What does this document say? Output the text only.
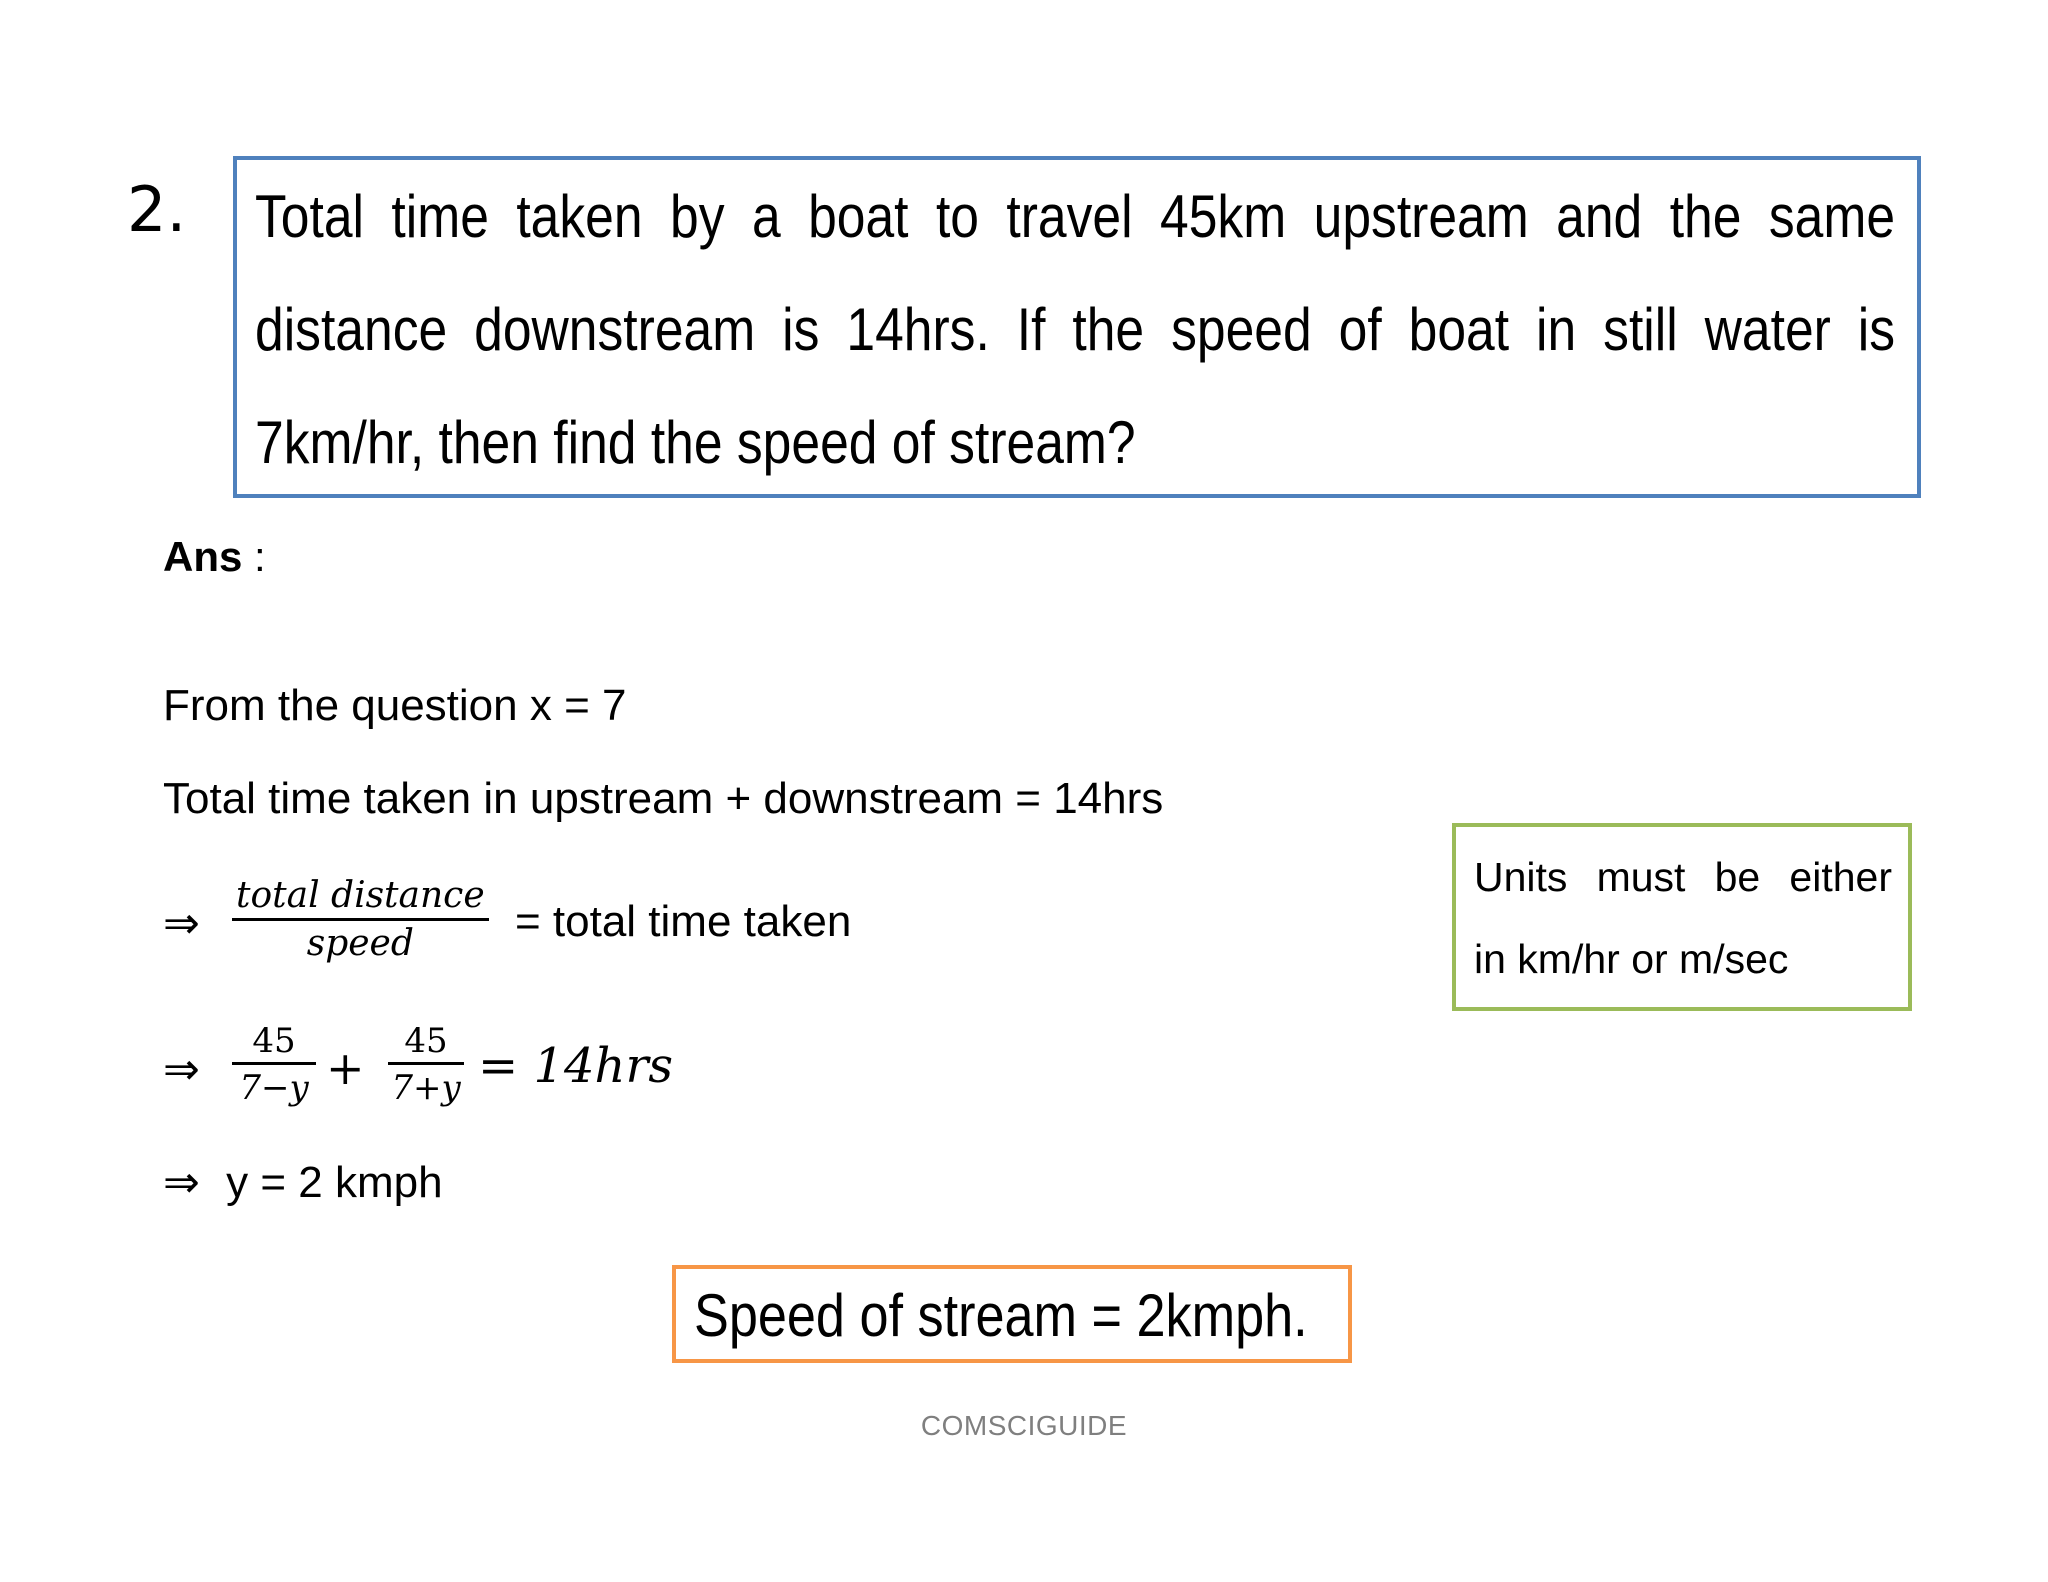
2. Total time taken by a boat to travel 45km upstream and the same distance downstream is 14hrs. If the speed of boat in still water is 7km/hr, then find the speed of stream?
Ans :
From the question x = 7
Total time taken in upstream + downstream = 14hrs
⇒
total distance
speed = total time taken
⇒
45
7−y + 45
7+y = 14hrs
⇒ y = 2 kmph
Units must be either
in km/hr or m/sec
Speed of stream = 2kmph.
COMSCIGUIDE
